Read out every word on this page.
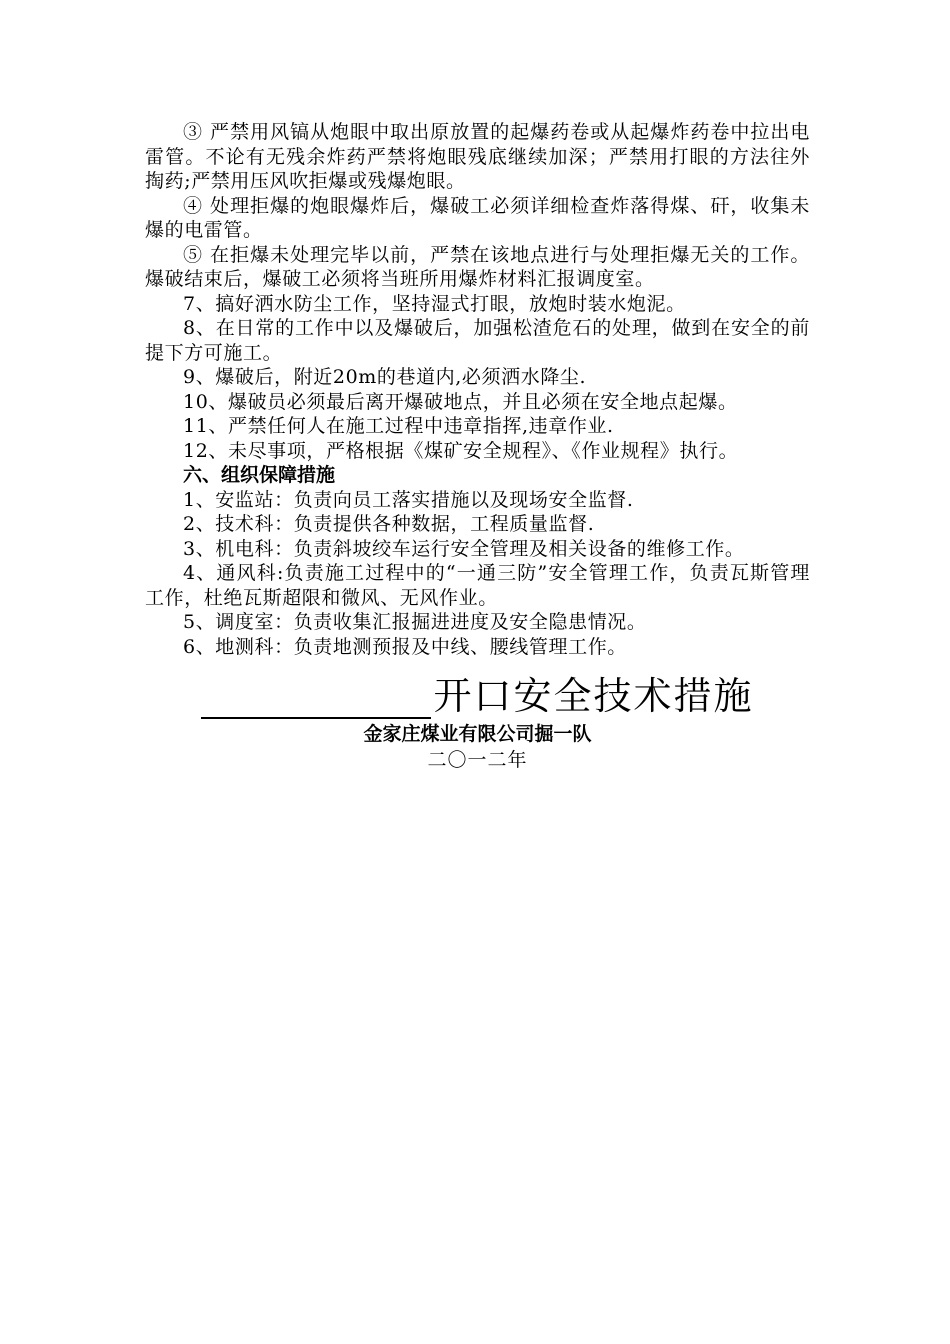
③ 严禁用风镐从炮眼中取出原放置的起爆药卷或从起爆炸药卷中拉出电雷管。不论有无残余炸药严禁将炮眼残底继续加深；严禁用打眼的方法往外掏药;严禁用压风吹拒爆或残爆炮眼。

④ 处理拒爆的炮眼爆炸后，爆破工必须详细检查炸落得煤、矸，收集未爆的电雷管。

⑤ 在拒爆未处理完毕以前，严禁在该地点进行与处理拒爆无关的工作。爆破结束后，爆破工必须将当班所用爆炸材料汇报调度室。

7、搞好洒水防尘工作，坚持湿式打眼，放炮时装水炮泥。

8、在日常的工作中以及爆破后，加强松渣危石的处理，做到在安全的前提下方可施工。

9、爆破后，附近20m的巷道内,必须洒水降尘.

10、爆破员必须最后离开爆破地点，并且必须在安全地点起爆。

11、严禁任何人在施工过程中违章指挥,违章作业.

12、未尽事项，严格根据《煤矿安全规程》、《作业规程》执行。

六、组织保障措施

1、安监站：负责向员工落实措施以及现场安全监督.

2、技术科：负责提供各种数据，工程质量监督.

3、机电科：负责斜坡绞车运行安全管理及相关设备的维修工作。

4、通风科:负责施工过程中的“一通三防”安全管理工作，负责瓦斯管理工作，杜绝瓦斯超限和微风、无风作业。

5、调度室：负责收集汇报掘进进度及安全隐患情况。

6、地测科：负责地测预报及中线、腰线管理工作。

开口安全技术措施
金家庄煤业有限公司掘一队
二〇一二年
